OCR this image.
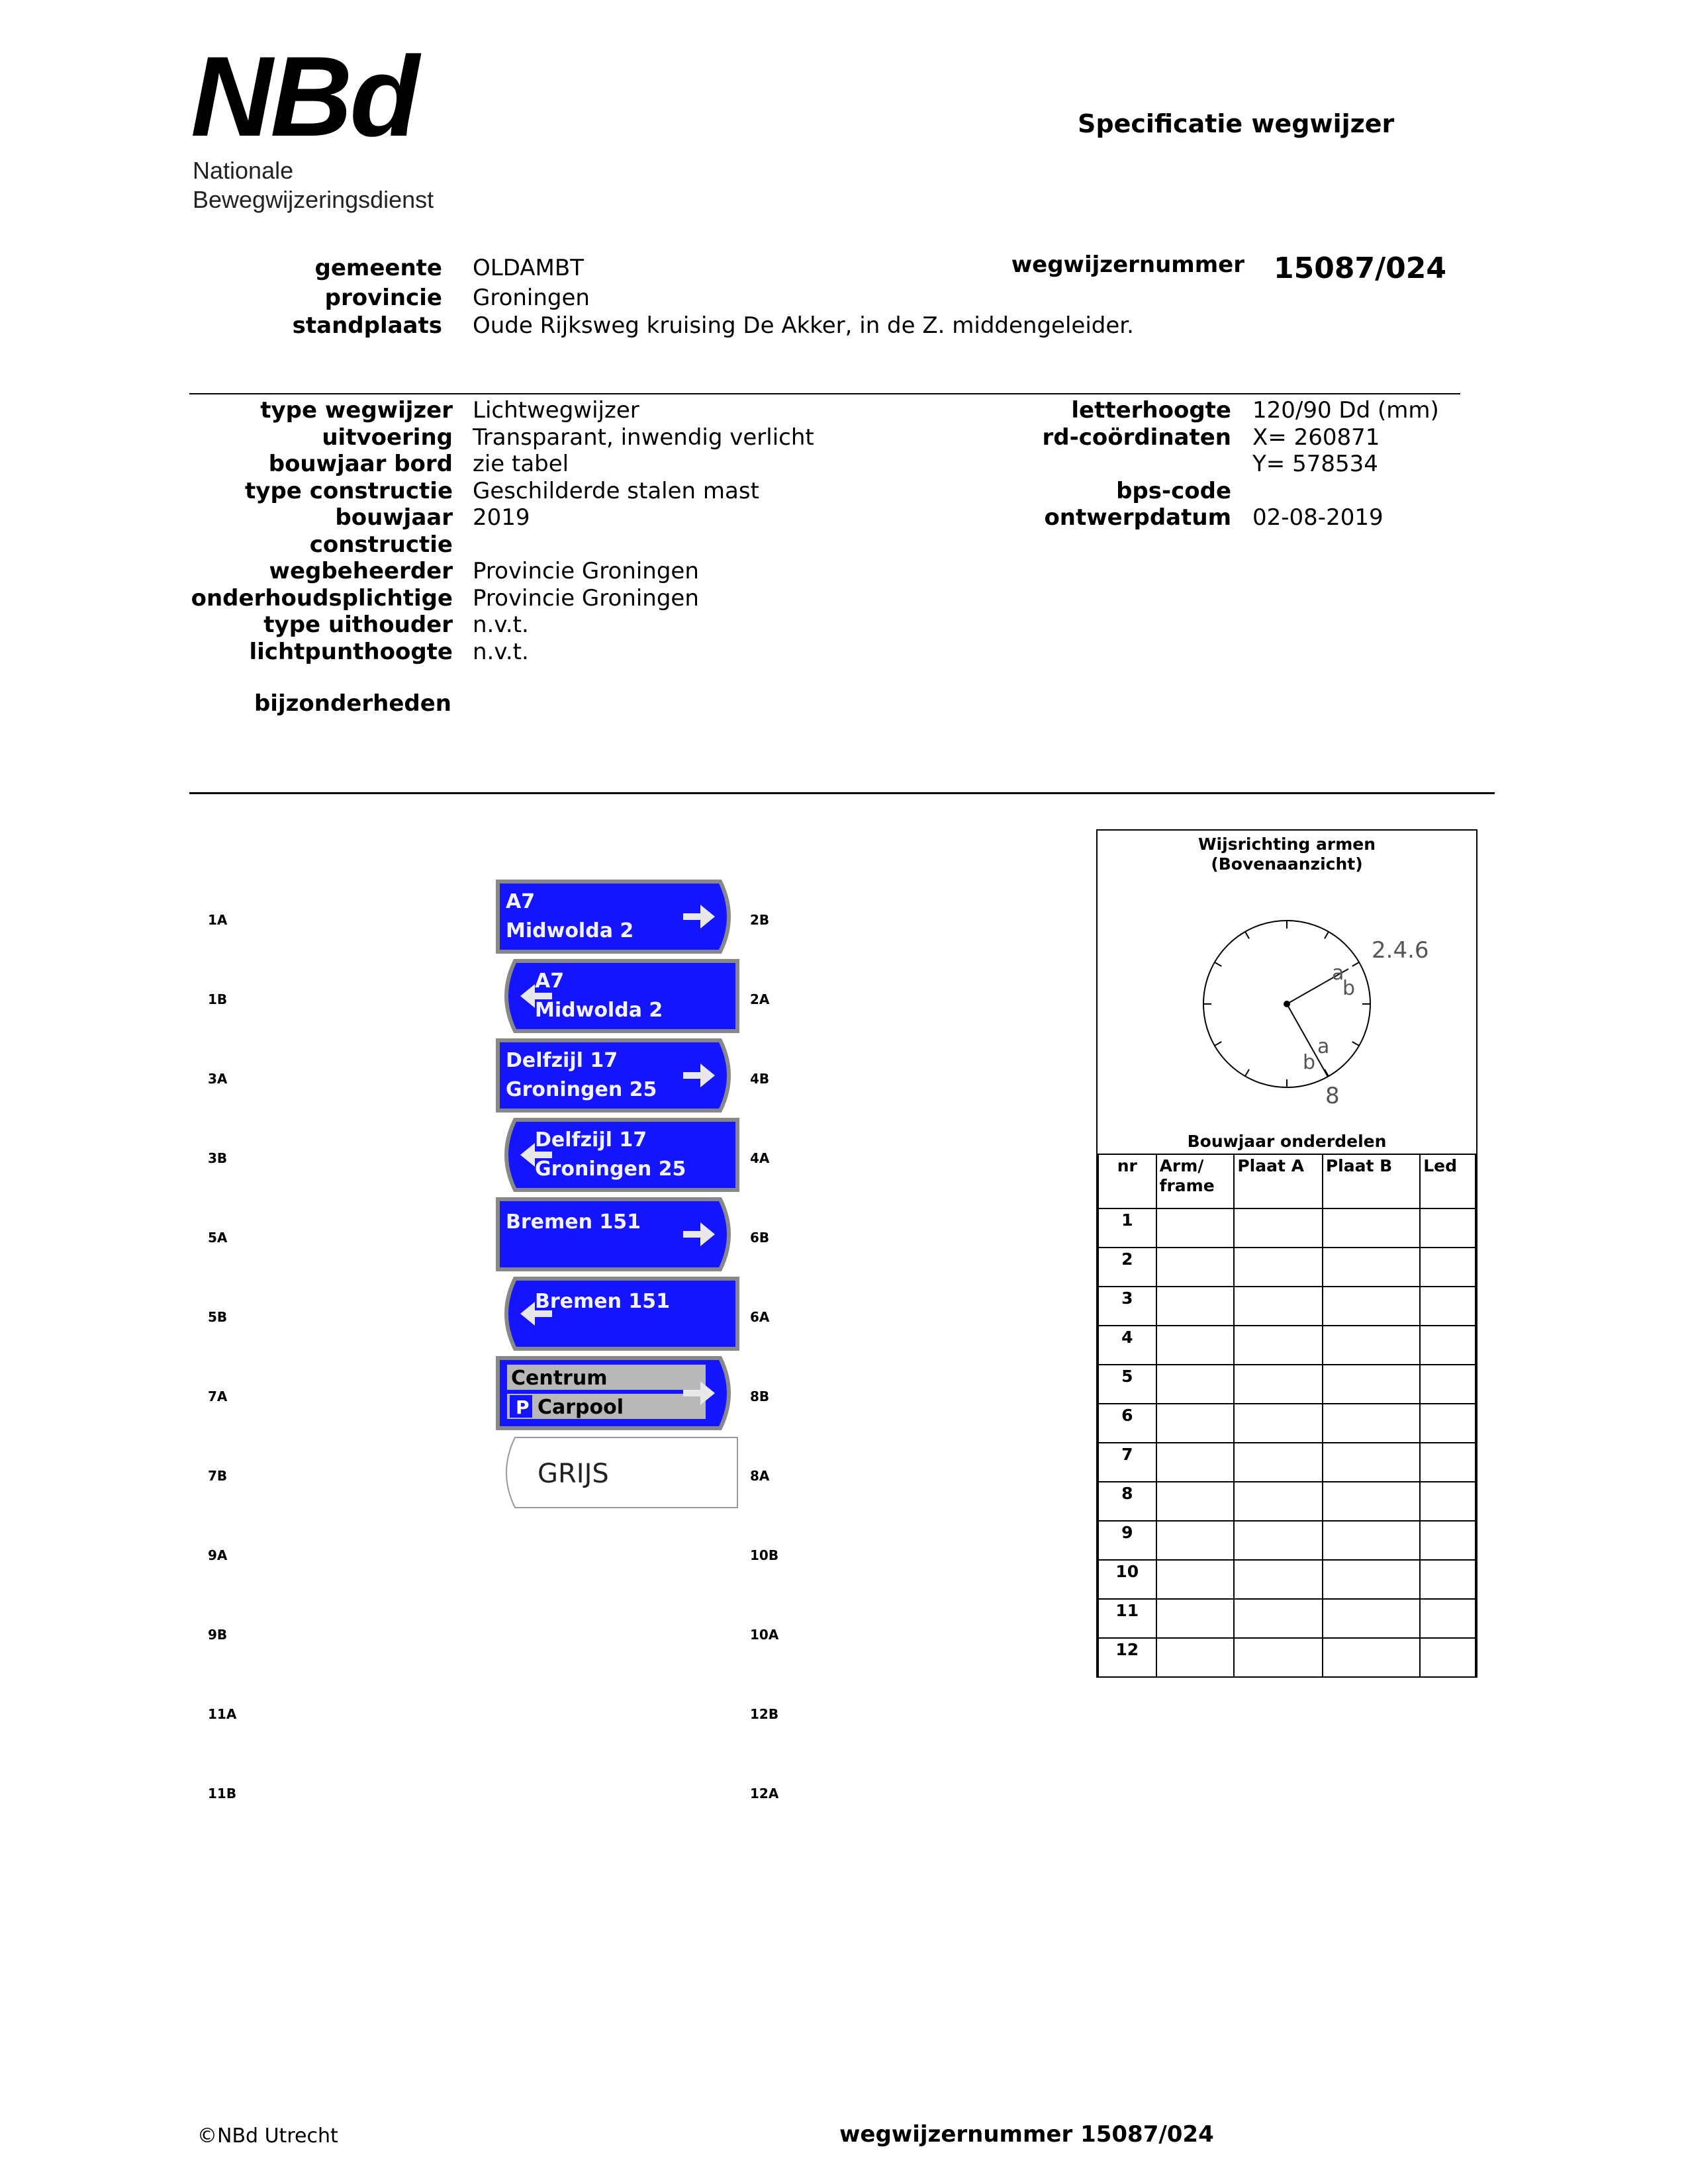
NBd
Nationale
Bewegwijzeringsdienst
Specificatie wegwijzer
gemeente OLDAMBT
provincie Groningen
standplaats Oude Rijksweg kruising De Akker, in de Z. middengeleider.
wegwijzernummer 15087/024
type wegwijzer Lichtwegwijzer
uitvoering Transparant, inwendig verlicht
bouwjaar bord zie tabel
type constructie Geschilderde stalen mast
bouwjaar 2019
constructie
wegbeheerder Provincie Groningen
onderhoudsplichtige Provincie Groningen
type uithouder n.v.t.
lichtpunthoogte n.v.t.
letterhoogte 120/90 Dd (mm)
rd-coördinaten X= 260871
Y= 578534
bps-code
ontwerpdatum 02-08-2019
bijzonderheden
1A
1B
3A
3B
5A
5B
7A
7B
9A
9B
11A
11B
2B
2A
4B
4A
6B
6A
8B
8A
10B
10A
12B
12A
A7
Midwolda 2
A7
Midwolda 2
Delfzijl 17
Groningen 25
Delfzijl 17
Groningen 25
Bremen 151
Bremen 151
Centrum
P Carpool
GRIJS
Wijsrichting armen
(Bovenaanzicht)
2.4.6
a
b
a
b
8
Bouwjaar onderdelen
nr	Arm/ frame	Plaat A	Plaat B	Led
1				
2				
3				
4				
5				
6				
7				
8				
9				
10				
11				
12				
©NBd Utrecht	wegwijzernummer 15087/024
